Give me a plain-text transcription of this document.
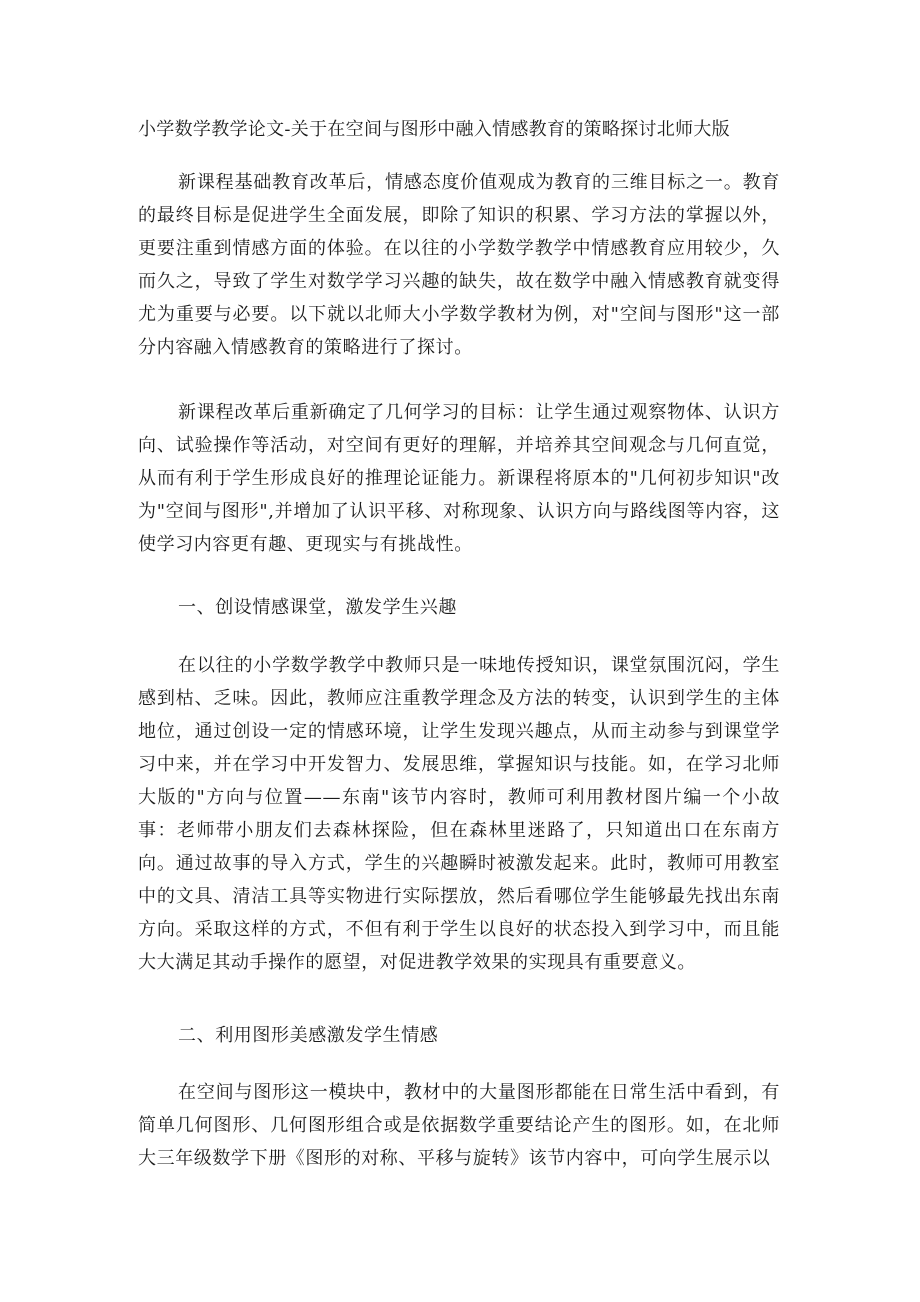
小学数学教学论文-关于在空间与图形中融入情感教育的策略探讨北师大版

新课程基础教育改革后，情感态度价值观成为教育的三维目标之一。教育的最终目标是促进学生全面发展，即除了知识的积累、学习方法的掌握以外，更要注重到情感方面的体验。在以往的小学数学教学中情感教育应用较少，久而久之，导致了学生对数学学习兴趣的缺失，故在数学中融入情感教育就变得尤为重要与必要。以下就以北师大小学数学教材为例，对"空间与图形"这一部分内容融入情感教育的策略进行了探讨。

新课程改革后重新确定了几何学习的目标：让学生通过观察物体、认识方向、试验操作等活动，对空间有更好的理解，并培养其空间观念与几何直觉，从而有利于学生形成良好的推理论证能力。新课程将原本的"几何初步知识"改为"空间与图形",并增加了认识平移、对称现象、认识方向与路线图等内容，这使学习内容更有趣、更现实与有挑战性。

一、创设情感课堂，激发学生兴趣

在以往的小学数学教学中教师只是一味地传授知识，课堂氛围沉闷，学生感到枯、乏味。因此，教师应注重教学理念及方法的转变，认识到学生的主体地位，通过创设一定的情感环境，让学生发现兴趣点，从而主动参与到课堂学习中来，并在学习中开发智力、发展思维，掌握知识与技能。如，在学习北师大版的"方向与位置——东南"该节内容时，教师可利用教材图片编一个小故事：老师带小朋友们去森林探险，但在森林里迷路了，只知道出口在东南方向。通过故事的导入方式，学生的兴趣瞬时被激发起来。此时，教师可用教室中的文具、清洁工具等实物进行实际摆放，然后看哪位学生能够最先找出东南方向。采取这样的方式，不但有利于学生以良好的状态投入到学习中，而且能大大满足其动手操作的愿望，对促进教学效果的实现具有重要意义。

二、利用图形美感激发学生情感

在空间与图形这一模块中，教材中的大量图形都能在日常生活中看到，有简单几何图形、几何图形组合或是依据数学重要结论产生的图形。如，在北师大三年级数学下册《图形的对称、平移与旋转》该节内容中，可向学生展示以
